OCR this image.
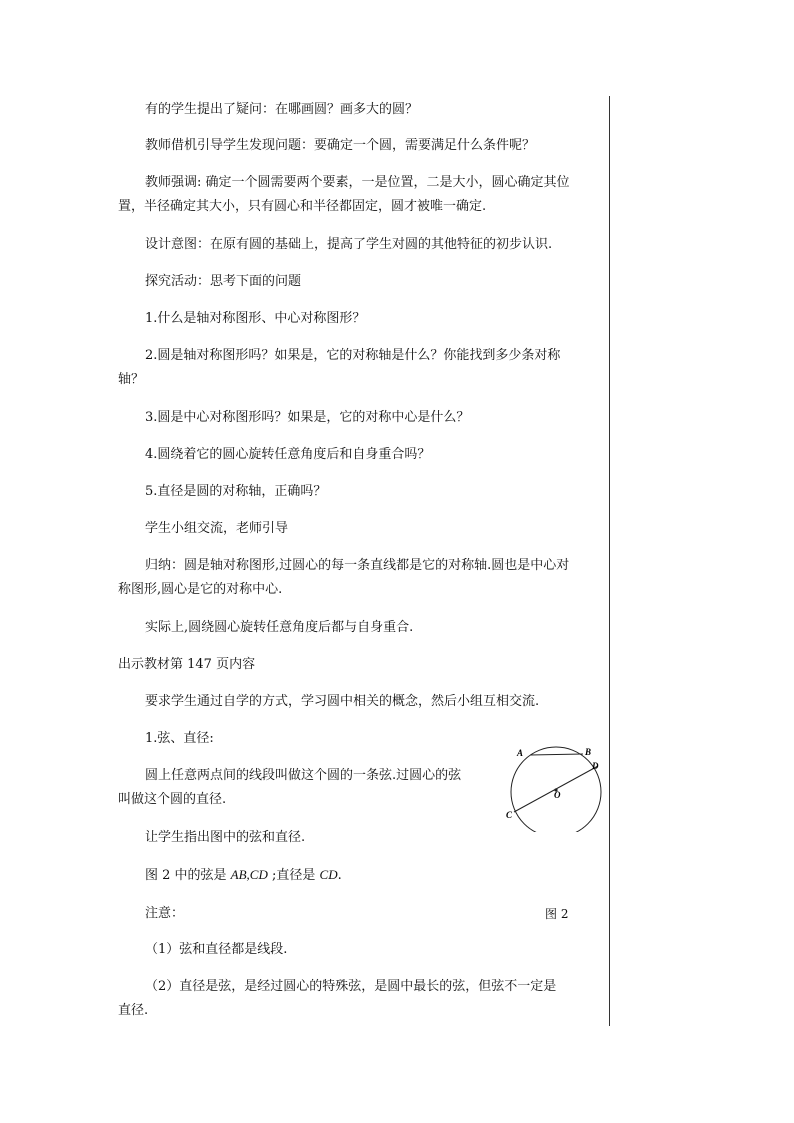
有的学生提出了疑问：在哪画圆？画多大的圆？
教师借机引导学生发现问题：要确定一个圆，需要满足什么条件呢？
教师强调: 确定一个圆需要两个要素，一是位置，二是大小，圆心确定其位
置，半径确定其大小，只有圆心和半径都固定，圆才被唯一确定.
设计意图：在原有圆的基础上，提高了学生对圆的其他特征的初步认识.
探究活动：思考下面的问题
1.什么是轴对称图形、中心对称图形？
2.圆是轴对称图形吗？如果是，它的对称轴是什么？你能找到多少条对称
轴？
3.圆是中心对称图形吗？如果是，它的对称中心是什么？
4.圆绕着它的圆心旋转任意角度后和自身重合吗？
5.直径是圆的对称轴，正确吗？
学生小组交流，老师引导
归纳：圆是轴对称图形,过圆心的每一条直线都是它的对称轴.圆也是中心对
称图形,圆心是它的对称中心.
实际上,圆绕圆心旋转任意角度后都与自身重合.
出示教材第 147 页内容
要求学生通过自学的方式，学习圆中相关的概念，然后小组互相交流.
1.弦、直径:
圆上任意两点间的线段叫做这个圆的一条弦.过圆心的弦
叫做这个圆的直径.
让学生指出图中的弦和直径.
图 2 中的弦是 AB,CD ;直径是 CD.
注意：
（1）弦和直径都是线段.
（2）直径是弦，是经过圆心的特殊弦，是圆中最长的弦，但弦不一定是
直径.
A	B
D
O
C
图 2
